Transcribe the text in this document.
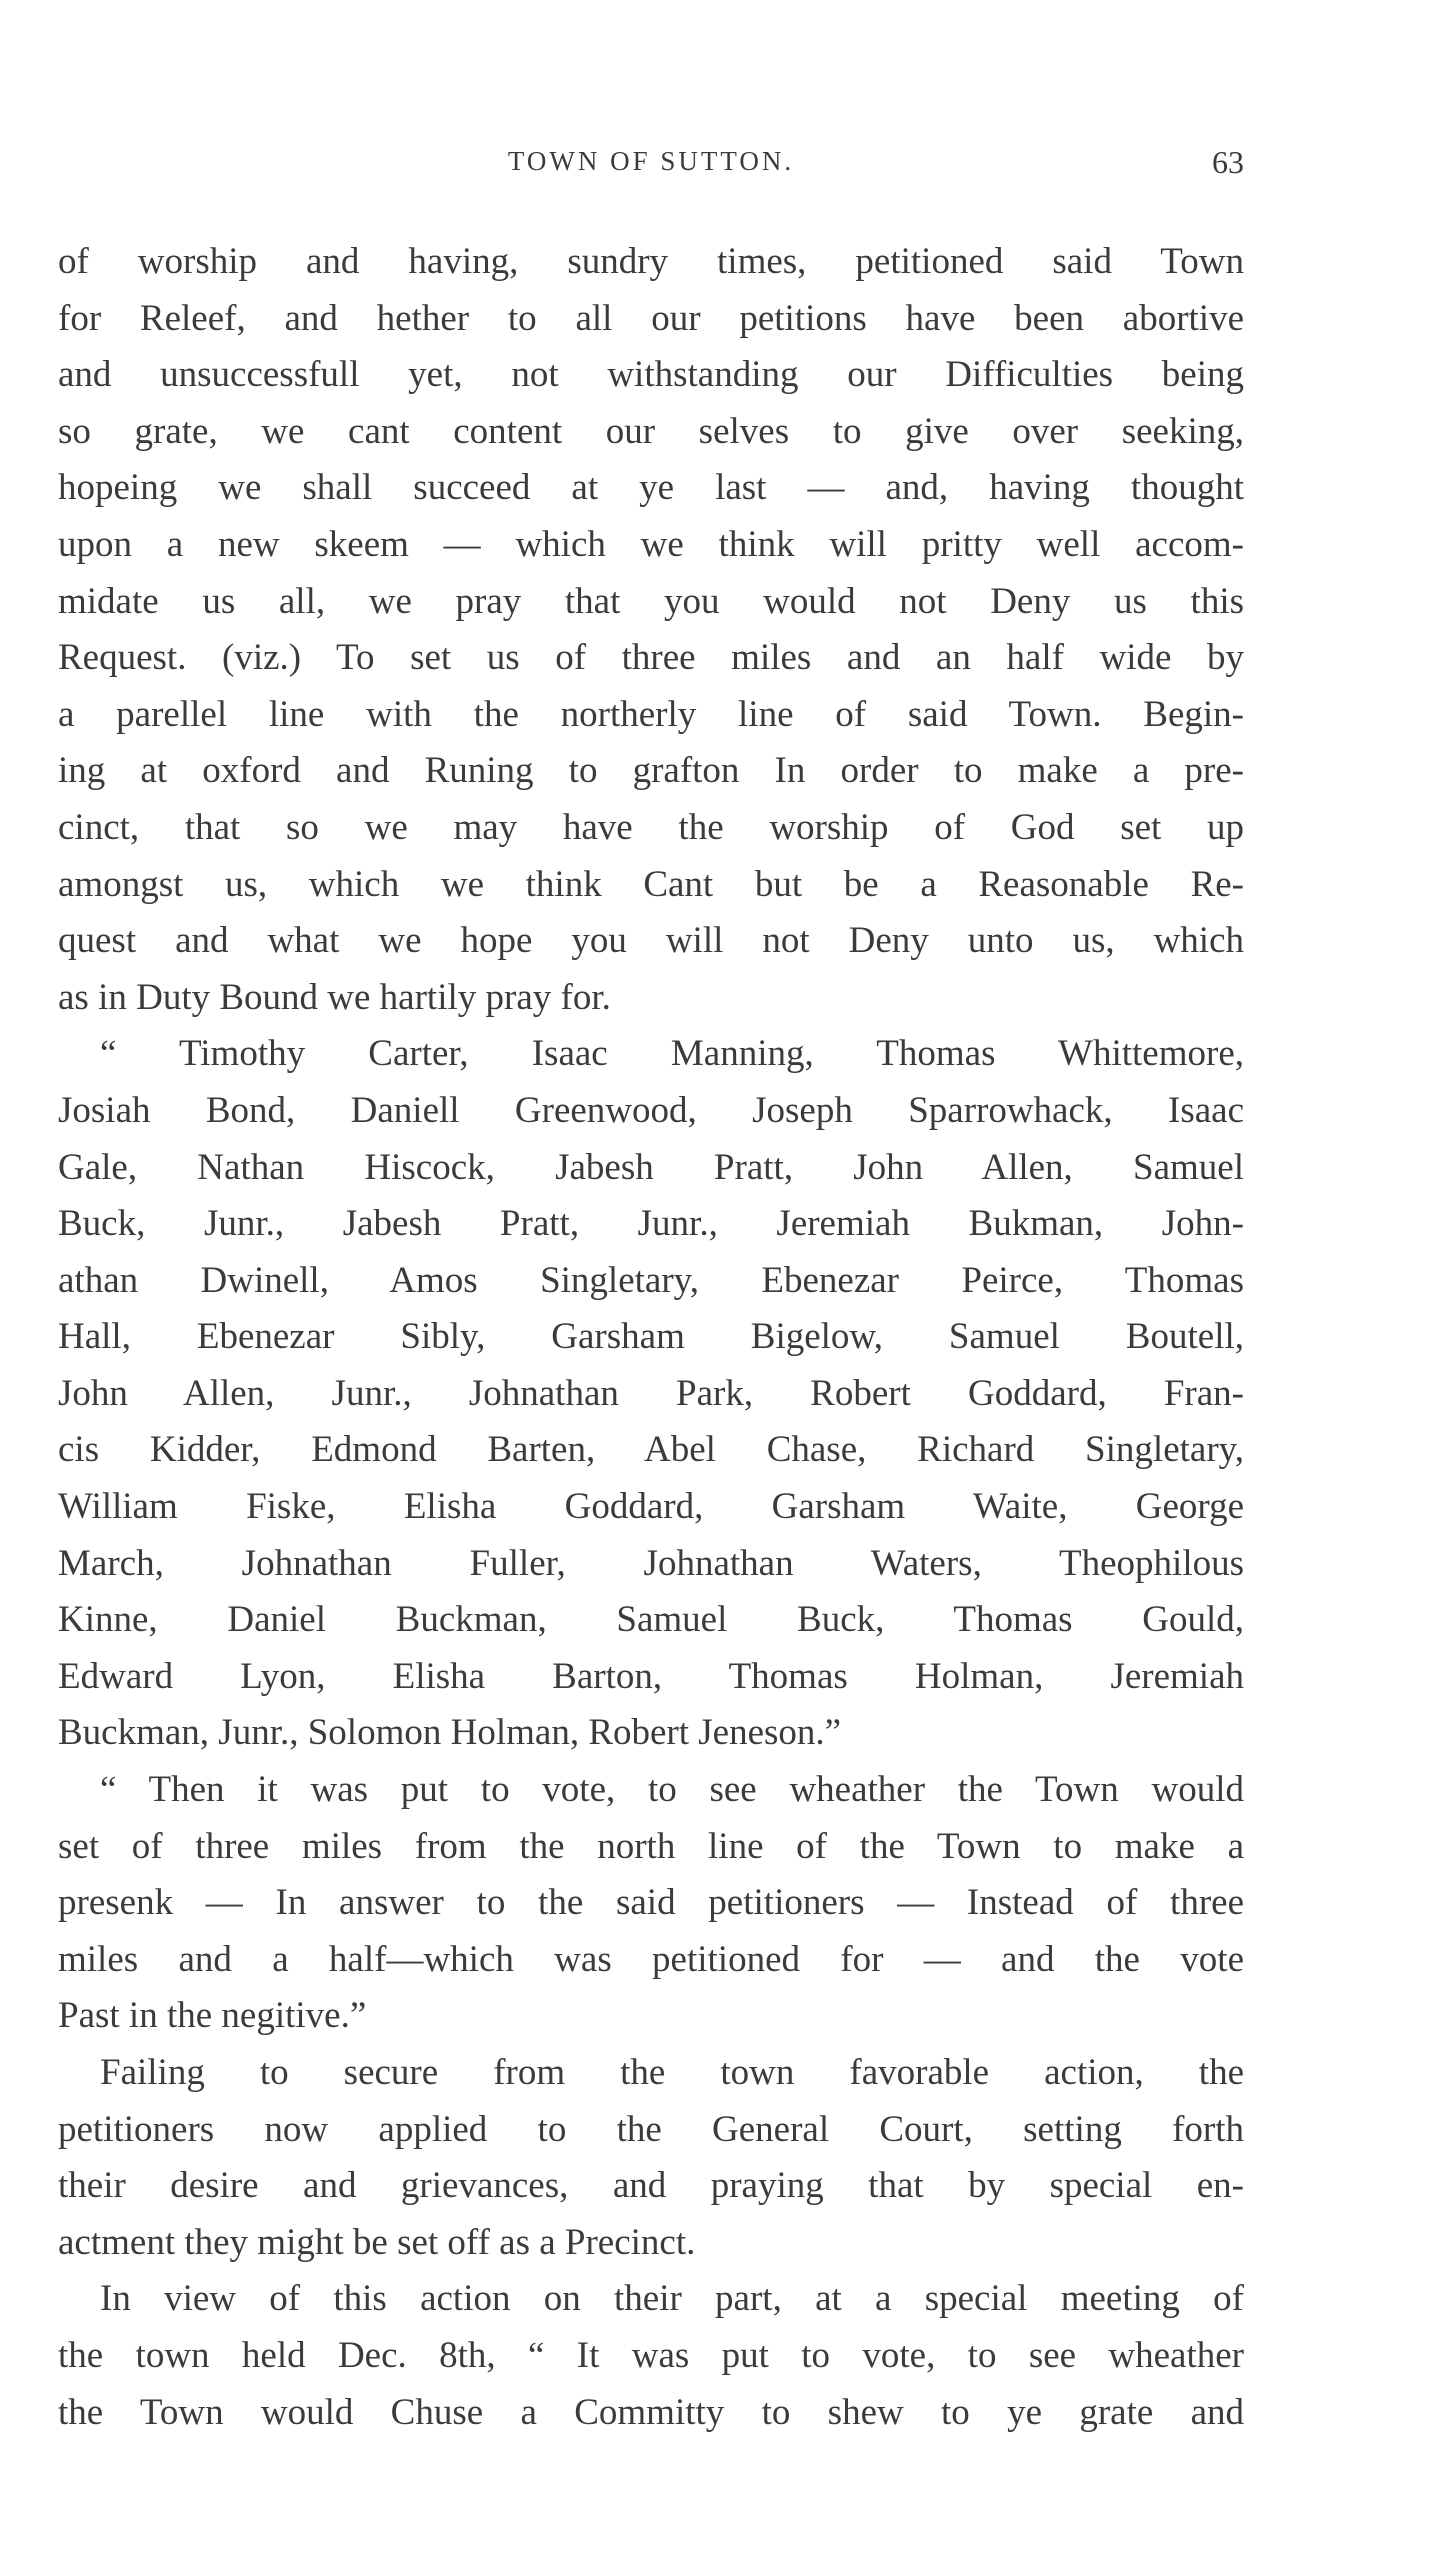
TOWN OF SUTTON.	63
of worship and having, sundry times, petitioned said Town
for Releef, and hether to all our petitions have been abortive
and unsuccessfull yet, not withstanding our Difficulties being
so grate, we cant content our selves to give over seeking,
hopeing we shall succeed at ye last — and, having thought
upon a new skeem — which we think will pritty well accom-
midate us all, we pray that you would not Deny us this
Request. (viz.) To set us of three miles and an half wide by
a parellel line with the northerly line of said Town. Begin-
ing at oxford and Runing to grafton In order to make a pre-
cinct, that so we may have the worship of God set up
amongst us, which we think Cant but be a Reasonable Re-
quest and what we hope you will not Deny unto us, which
as in Duty Bound we hartily pray for.
“ Timothy Carter, Isaac Manning, Thomas Whittemore,
Josiah Bond, Daniell Greenwood, Joseph Sparrowhack, Isaac
Gale, Nathan Hiscock, Jabesh Pratt, John Allen, Samuel
Buck, Junr., Jabesh Pratt, Junr., Jeremiah Bukman, John-
athan Dwinell, Amos Singletary, Ebenezar Peirce, Thomas
Hall, Ebenezar Sibly, Garsham Bigelow, Samuel Boutell,
John Allen, Junr., Johnathan Park, Robert Goddard, Fran-
cis Kidder, Edmond Barten, Abel Chase, Richard Singletary,
William Fiske, Elisha Goddard, Garsham Waite, George
March, Johnathan Fuller, Johnathan Waters, Theophilous
Kinne, Daniel Buckman, Samuel Buck, Thomas Gould,
Edward Lyon, Elisha Barton, Thomas Holman, Jeremiah
Buckman, Junr., Solomon Holman, Robert Jeneson.”
“ Then it was put to vote, to see wheather the Town would
set of three miles from the north line of the Town to make a
presenk — In answer to the said petitioners — Instead of three
miles and a half—which was petitioned for — and the vote
Past in the negitive.”
Failing to secure from the town favorable action, the
petitioners now applied to the General Court, setting forth
their desire and grievances, and praying that by special en-
actment they might be set off as a Precinct.
In view of this action on their part, at a special meeting of
the town held Dec. 8th, “ It was put to vote, to see wheather
the Town would Chuse a Committy to shew to ye grate and
